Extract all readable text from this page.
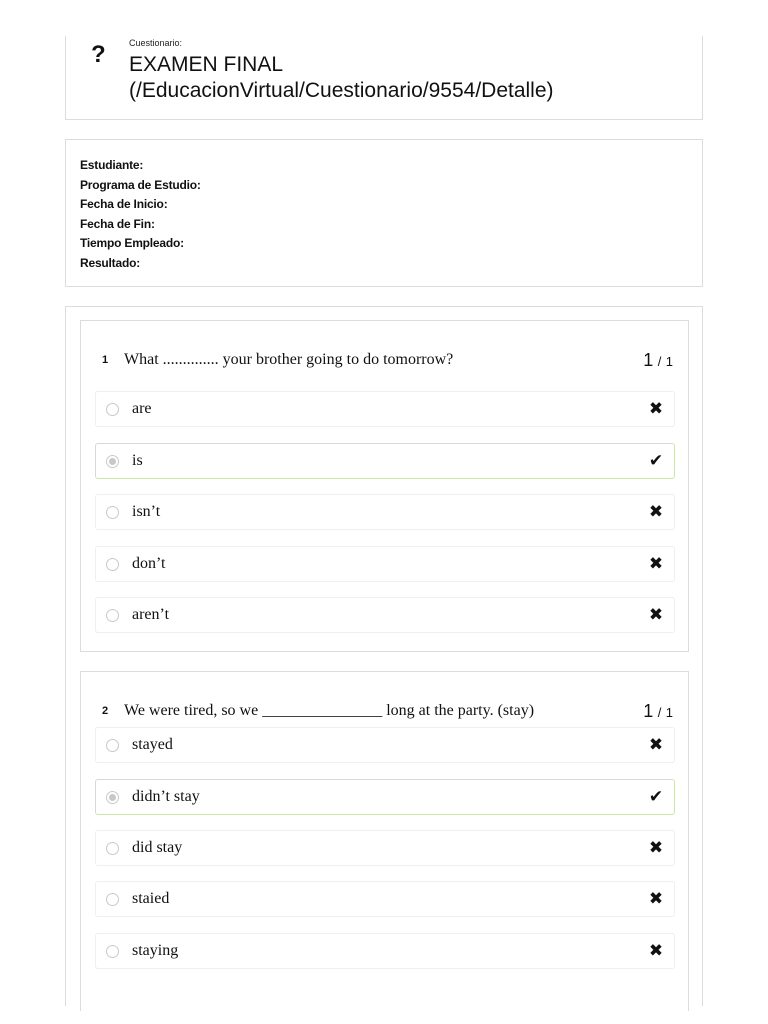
?	Cuestionario:
EXAMEN FINAL (/EducacionVirtual/Cuestionario/9554/Detalle)
Estudiante:
Programa de Estudio:
Fecha de Inicio:
Fecha de Fin:
Tiempo Empleado:
Resultado:
1 What .............. your brother going to do tomorrow?	1 / 1
are	✖
is	✔
isn’t	✖
don’t	✖
aren’t	✖
2 We were tired, so we _______________ long at the party. (stay)	1 / 1
stayed	✖
didn’t stay	✔
did stay	✖
staied	✖
staying	✖
